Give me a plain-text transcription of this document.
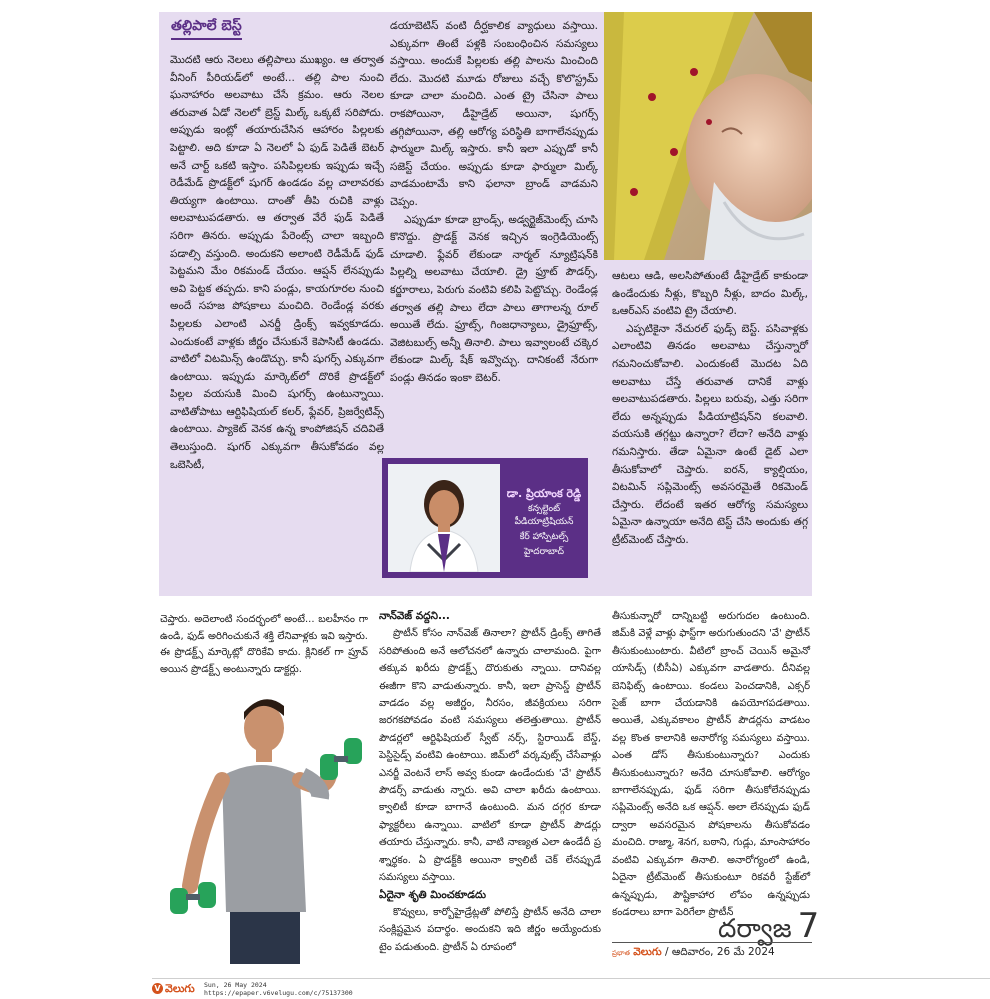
తల్లిపాలే బెస్ట్

మొదటి ఆరు నెలలు తల్లిపాలు ముఖ్యం. ఆ తర్వాత వీనింగ్ పీరియడ్‌లో అంటే... తల్లి పాల నుంచి ఘనాహారం అలవాటు చేసే క్రమం. ఆరు నెలల తరువాత ఏడో నెలలో బ్రెస్ట్ మిల్క్ ఒక్కటే సరిపోదు. అప్పుడు ఇంట్లో తయారుచేసిన ఆహారం పిల్లలకు పెట్టాలి. అది కూడా ఏ నెలలో ఏ ఫుడ్ పెడితే బెటర్ అనే చార్ట్ ఒకటి ఇస్తాం. పసిపిల్లలకు ఇప్పుడు ఇచ్చే రెడీమేడ్ ప్రొడక్ట్‌లో షుగర్ ఉండడం వల్ల చాలావరకు తియ్యగా ఉంటాయి. దాంతో తీపి రుచికి వాళ్లు అలవాటుపడతారు. ఆ తర్వాత వేరే ఫుడ్ పెడితే సరిగా తినరు. అప్పుడు పేరెంట్స్ చాలా ఇబ్బంది పడాల్సి వస్తుంది. అందుకని అలాంటి రెడీమేడ్ ఫుడ్ పెట్టమని మేం రికమండ్ చేయం. ఆప్షన్ లేనప్పుడు అవి పెట్టక తప్పదు. కాని పండ్లు, కాయగూరల నుంచి అందే సహజ పోషకాలు మంచిది. రెండేండ్ల వరకు పిల్లలకు ఎలాంటి ఎనర్జీ డ్రింక్స్ ఇవ్వకూడదు. ఎందుకంటే వాళ్లకు జీర్ణం చేసుకునే కెపాసిటీ ఉండదు. వాటిలో విటమిన్స్ ఉండొచ్చు. కానీ షుగర్స్ ఎక్కువగా ఉంటాయి. ఇప్పుడు మార్కెట్‌లో దొరికే ప్రొడక్ట్‌లో పిల్లల వయసుకి మించి షుగర్స్ ఉంటున్నాయి. వాటితోపాటు ఆర్టిఫిషియల్ కలర్, ఫ్లేవర్, ప్రిజర్వేటివ్స్ ఉంటాయి. ప్యాకెట్ వెనక ఉన్న కాంపోజిషన్ చదివితే తెలుస్తుంది. షుగర్ ఎక్కువగా తీసుకోవడం వల్ల ఒబెసిటీ,

డయాబెటిస్ వంటి దీర్ఘకాలిక వ్యాధులు వస్తాయి. ఎక్కువగా తింటే పళ్లకి సంబంధించిన సమస్యలు వస్తాయి. అందుకే పిల్లలకు తల్లి పాలను మించింది లేదు. మొదటి మూడు రోజులు వచ్చే కొలొస్ట్రమ్ కూడా చాలా మంచిది. ఎంత ట్రై చేసినా పాలు రాకపోయినా, డీహైడ్రేట్ అయినా, షుగర్స్ తగ్గిపోయినా, తల్లి ఆరోగ్య పరిస్థితి బాగాలేనప్పుడు ఫార్ములా మిల్క్ ఇస్తారు. కానీ ఇలా ఎప్పుడో కానీ సజెస్ట్ చేయం. అప్పుడు కూడా ఫార్ములా మిల్క్ వాడమంటామే కాని ఫలానా బ్రాండ్ వాడమని చెప్పం.

ఎప్పుడూ కూడా బ్రాండ్స్, అడ్వర్టైజ్‌మెంట్స్ చూసి కొనొద్దు. ప్రొడక్ట్ వెనక ఇచ్చిన ఇంగ్రెడియెంట్స్ చూడాలి. ఫ్లేవర్ లేకుండా నార్మల్ న్యూట్రిషన్‌కి పిల్లల్ని అలవాటు చేయాలి. డ్రై ఫ్రూట్ పౌడర్స్, కర్జూరాలు, పెరుగు వంటివి కలిపి పెట్టొచ్చు. రెండేండ్ల తర్వాత తల్లి పాలు లేదా పాలు తాగాలన్న రూల్ అయితే లేదు. ఫ్రూట్స్, గింజధాన్యాలు, డ్రైఫ్రూట్స్, వెజిటబుల్స్ అన్నీ తినాలి. పాలు ఇవ్వాలంటే చక్కెర లేకుండా మిల్క్ షేక్ ఇవ్వొచ్చు. దానికంటే నేరుగా పండ్లు తినడం ఇంకా బెటర్.

ఆటలు ఆడి, అలసిపోతుంటే డీహైడ్రేట్ కాకుండా ఉండేందుకు నీళ్లు, కొబ్బరి నీళ్లు, బాదం మిల్క్, ఒఆర్ఎస్ వంటివి ట్రై చేయాలి.

ఎప్పటికైనా నేచురల్ ఫుడ్స్ బెస్ట్. పసివాళ్లకు ఎలాంటివి తినడం అలవాటు చేస్తున్నారో గమనించుకోవాలి. ఎందుకంటే మొదట ఏది అలవాటు చేస్తే తరువాత దానికే వాళ్లు అలవాటుపడతారు. పిల్లలు బరువు, ఎత్తు సరిగా లేదు అన్నప్పుడు పీడియాట్రిషన్‌ని కలవాలి. వయసుకి తగ్గట్టు ఉన్నారా? లేదా? అనేది వాళ్లు గమనిస్తారు. తేడా ఏమైనా ఉంటే డైట్ ఎలా తీసుకోవాలో చెప్తారు. ఐరన్, క్యాల్షియం, విటమిన్ సప్లిమెంట్స్ అవసరమైతే రికమెండ్ చేస్తారు. లేదంటే ఇతర ఆరోగ్య సమస్యలు ఏమైనా ఉన్నాయా అనేది టెస్ట్ చేసి అందుకు తగ్గ ట్రీట్‌మెంట్ చేస్తారు.

డా. ప్రియాంక రెడ్డి
కన్సల్టెంట్ పీడియాట్రిషియన్
కేర్ హాస్పిటల్స్
హైదరాబాద్

చెప్తారు. అదెలాంటి సందర్భంలో అంటే... బలహీనం గా ఉండి, ఫుడ్ అరిగించుకునే శక్తి లేనివాళ్లకు ఇవి ఇస్తారు. ఈ ప్రొడక్ట్స్ మార్కెట్లో దొరికేవి కాదు. క్లినికల్ గా ప్రూవ్ అయిన ప్రొడక్ట్స్ అంటున్నారు డాక్టర్లు.

నాన్‌వెజ్ వద్దని...

ప్రొటీన్ కోసం నాన్‌వెజ్ తినాలా? ప్రొటీన్ డ్రింక్స్ తాగితే సరిపోతుంది అనే ఆలోచనలో ఉన్నారు చాలామంది. పైగా తక్కువ ఖరీదు ప్రొడక్ట్స్ దొరుకుతు న్నాయి. దానివల్ల ఈజీగా కొని వాడుతున్నారు. కానీ, ఇలా ప్రాసెస్డ్ ప్రొటీన్ వాడడం వల్ల అజీర్ణం, నీరసం, జీవక్రియలు సరిగా జరగకపోవడం వంటి సమస్యలు తలెత్తుతాయి. ప్రొటీన్ పౌడర్లలో ఆర్టిఫిషియల్ స్వీట్ నర్స్, స్టిరాయిడ్ బేస్డ్, పెస్టిసైడ్స్ వంటివి ఉంటాయి. జిమ్‌లో వర్కవుట్స్ చేసేవాళ్లు ఎనర్జీ వెంటనే లాస్ అవ్వ కుండా ఉండేందుకు 'వే' ప్రొటీన్ పౌడర్స్ వాడుతు న్నారు. అవి చాలా ఖరీదు ఉంటాయి. క్వాలిటీ కూడా బాగానే ఉంటుంది. మన దగ్గర కూడా ఫ్యాక్టరీలు ఉన్నాయి. వాటిలో కూడా ప్రొటీన్ పౌడర్లు తయారు చేస్తున్నారు. కానీ, వాటి నాణ్యత ఎలా ఉండేదీ ప్ర శ్నార్థకం. ఏ ప్రొడక్ట్‌కి అయినా క్వాలిటీ చెక్ లేనప్పుడే సమస్యలు వస్తాయి.

ఏదైనా శృతి మించకూడదు

కొవ్వులు, కార్బోహైడ్రేట్లతో పోలిస్తే ప్రొటీన్ అనేది చాలా సంక్లిష్టమైన పదార్థం. అందుకని ఇది జీర్ణం అయ్యేందుకు టైం పడుతుంది. ప్రొటీన్ ఏ రూపంలో

తీసుకున్నారో దాన్నిబట్టి అరుగుదల ఉంటుంది. జిమ్‌కి వెళ్లే వాళ్లు ఫాస్ట్‌గా అరుగుతుందని 'వే' ప్రొటీన్ తీసుకుంటుంటారు. వీటిలో బ్రాంచ్ చెయిన్ అమైనో యాసిడ్స్ (బీసీఏ) ఎక్కువగా వాడతారు. దీనివల్ల బెనిఫిట్స్ ఉంటాయి. కండలు పెంచడానికి, ఎక్సర్ సైజ్ బాగా చేయడానికి ఉపయోగపడతాయి. అయితే, ఎక్కువకాలం ప్రొటీన్ పౌడర్లను వాడటం వల్ల కొంత కాలానికి అనారోగ్య సమస్యలు వస్తాయి. ఎంత డోస్ తీసుకుంటున్నారు? ఎందుకు తీసుకుంటున్నారు? అనేది చూసుకోవాలి. ఆరోగ్యం బాగాలేనప్పుడు, ఫుడ్ సరిగా తీసుకోలేనప్పుడు సప్లిమెంట్స్ అనేది ఒక ఆప్షన్. అలా లేనప్పుడు ఫుడ్ ద్వారా అవసరమైన పోషకాలను తీసుకోవడం మంచిది. రాజ్మా, శెనగ, బఠాని, గుడ్లు, మాంసాహారం వంటివి ఎక్కువగా తినాలి. అనారోగ్యంలో ఉండి, ఏదైనా ట్రీట్‌మెంట్ తీసుకుంటూ రికవరీ స్టేజ్‌లో ఉన్నప్పుడు, పౌష్టికాహార లోపం ఉన్నప్పుడు కండరాలు బాగా పెరిగేలా ప్రొటీన్

దర్వాజ 7
ప్రభాత వెలుగు / ఆదివారం, 26 మే 2024
V వెలుగు Sun, 26 May 2024
https://epaper.v6velugu.com/c/75137300
